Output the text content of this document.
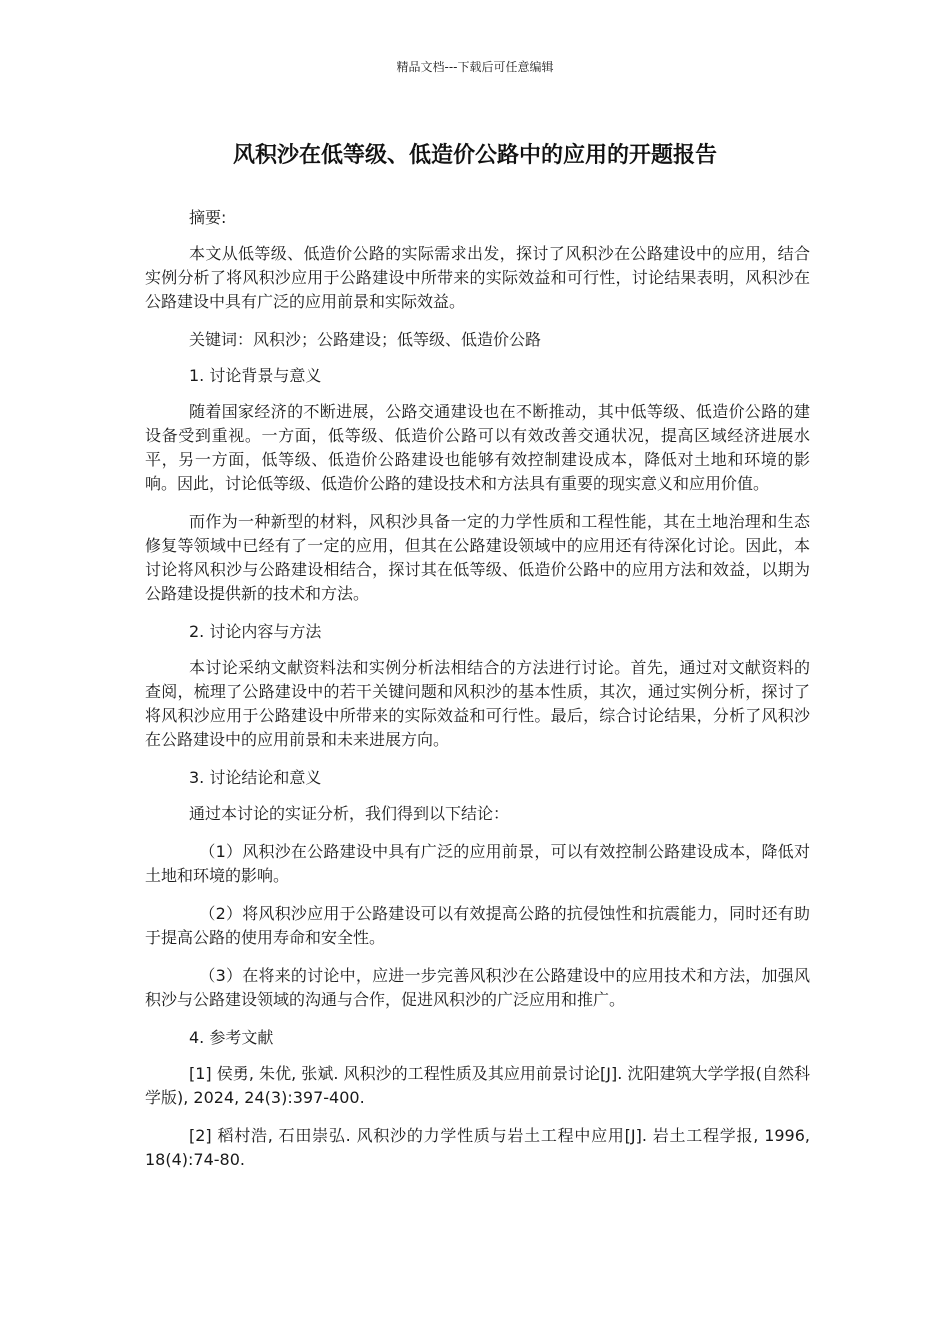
精品文档---下载后可任意编辑
风积沙在低等级、低造价公路中的应用的开题报告

摘要:

本文从低等级、低造价公路的实际需求出发，探讨了风积沙在公路建设中的应用，结合实例分析了将风积沙应用于公路建设中所带来的实际效益和可行性，讨论结果表明，风积沙在公路建设中具有广泛的应用前景和实际效益。

关键词：风积沙；公路建设；低等级、低造价公路

1. 讨论背景与意义

随着国家经济的不断进展，公路交通建设也在不断推动，其中低等级、低造价公路的建设备受到重视。一方面，低等级、低造价公路可以有效改善交通状况，提高区域经济进展水平，另一方面，低等级、低造价公路建设也能够有效控制建设成本，降低对土地和环境的影响。因此，讨论低等级、低造价公路的建设技术和方法具有重要的现实意义和应用价值。

而作为一种新型的材料，风积沙具备一定的力学性质和工程性能，其在土地治理和生态修复等领域中已经有了一定的应用，但其在公路建设领域中的应用还有待深化讨论。因此，本讨论将风积沙与公路建设相结合，探讨其在低等级、低造价公路中的应用方法和效益，以期为公路建设提供新的技术和方法。

2. 讨论内容与方法

本讨论采纳文献资料法和实例分析法相结合的方法进行讨论。首先，通过对文献资料的查阅，梳理了公路建设中的若干关键问题和风积沙的基本性质，其次，通过实例分析，探讨了将风积沙应用于公路建设中所带来的实际效益和可行性。最后，综合讨论结果，分析了风积沙在公路建设中的应用前景和未来进展方向。

3. 讨论结论和意义

通过本讨论的实证分析，我们得到以下结论：

（1）风积沙在公路建设中具有广泛的应用前景，可以有效控制公路建设成本，降低对土地和环境的影响。

（2）将风积沙应用于公路建设可以有效提高公路的抗侵蚀性和抗震能力，同时还有助于提高公路的使用寿命和安全性。

（3）在将来的讨论中，应进一步完善风积沙在公路建设中的应用技术和方法，加强风积沙与公路建设领域的沟通与合作，促进风积沙的广泛应用和推广。

4. 参考文献

[1] 侯勇, 朱优, 张斌. 风积沙的工程性质及其应用前景讨论[J]. 沈阳建筑大学学报(自然科学版), 2024, 24(3):397-400.

[2] 稻村浩, 石田崇弘. 风积沙的力学性质与岩土工程中应用[J]. 岩土工程学报, 1996, 18(4):74-80.
